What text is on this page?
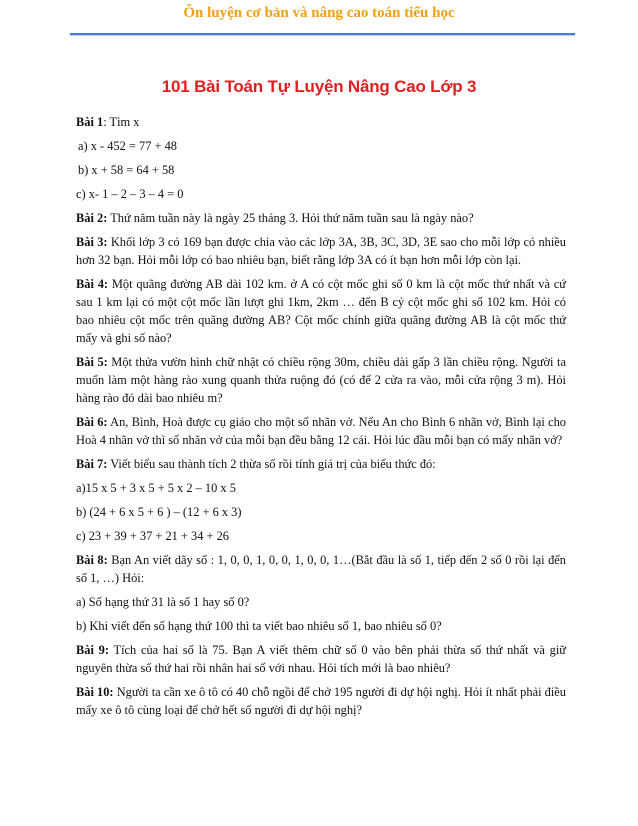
Ôn luyện cơ bản và nâng cao toán tiểu học
101 Bài Toán Tự Luyện Nâng Cao Lớp 3

Bài 1: Tìm x

a) x - 452 = 77 + 48

b) x + 58 = 64 + 58

c) x- 1 – 2 – 3 – 4 = 0

Bài 2: Thứ năm tuần này là ngày 25 tháng 3. Hỏi thứ năm tuần sau là ngày nào?

Bài 3: Khối lớp 3 có 169 bạn được chia vào các lớp 3A, 3B, 3C, 3D, 3E sao cho mỗi lớp có nhiều hơn 32 bạn. Hỏi mỗi lớp có bao nhiêu bạn, biết rằng lớp 3A có ít bạn hơn mỗi lớp còn lại.

Bài 4: Một quãng đường AB dài 102 km. ở A có cột mốc ghi số 0 km là cột mốc thứ nhất và cứ sau 1 km lại có một cột mốc lần lượt ghi 1km, 2km … đến B cỷ cột mốc ghi số 102 km. Hỏi có bao nhiêu cột mốc trên quãng đường AB? Cột mốc chính giữa quãng đường AB là cột mốc thứ mấy và ghi số nào?

Bài 5: Một thửa vườn hình chữ nhật có chiều rộng 30m, chiều dài gấp 3 lần chiều rộng. Người ta muốn làm một hàng rào xung quanh thửa ruộng đó (có để 2 cửa ra vào, mỗi cửa rộng 3 m). Hỏi hàng rào đó dài bao nhiêu m?

Bài 6: An, Bình, Hoà được cụ giáo cho một số nhãn vở. Nếu An cho Bình 6 nhãn vở, Bình lại cho Hoà 4 nhãn vở thì số nhãn vở của mỗi bạn đều bằng 12 cái. Hỏi lúc đầu mỗi bạn có mấy nhãn vở?

Bài 7: Viết biểu sau thành tích 2 thừa số rồi tính giá trị của biểu thức đó:

a)15 x 5 + 3 x 5 + 5 x 2 – 10 x 5

b) (24 + 6 x 5 + 6 ) – (12 + 6 x 3)

c) 23 + 39 + 37 + 21 + 34 + 26

Bài 8: Bạn An viết dãy số : 1, 0, 0, 1, 0, 0, 1, 0, 0, 1…(Bắt đầu là số 1, tiếp đến 2 số 0 rồi lại đến số 1, …) Hỏi:

a) Số hạng thứ 31 là số 1 hay số 0?

b) Khi viết đến số hạng thứ 100 thì ta viết bao nhiêu số 1, bao nhiêu số 0?

Bài 9: Tích của hai số là 75. Bạn A viết thêm chữ số 0 vào bên phải thừa số thứ nhất và giữ nguyên thừa số thứ hai rồi nhân hai số với nhau. Hỏi tích mới là bao nhiêu?

Bài 10: Người ta cần xe ô tô có 40 chỗ ngồi để chở 195 người đi dự hội nghị. Hỏi ít nhất phải điều mấy xe ô tô cùng loại để chở hết số người đi dự hội nghị?
